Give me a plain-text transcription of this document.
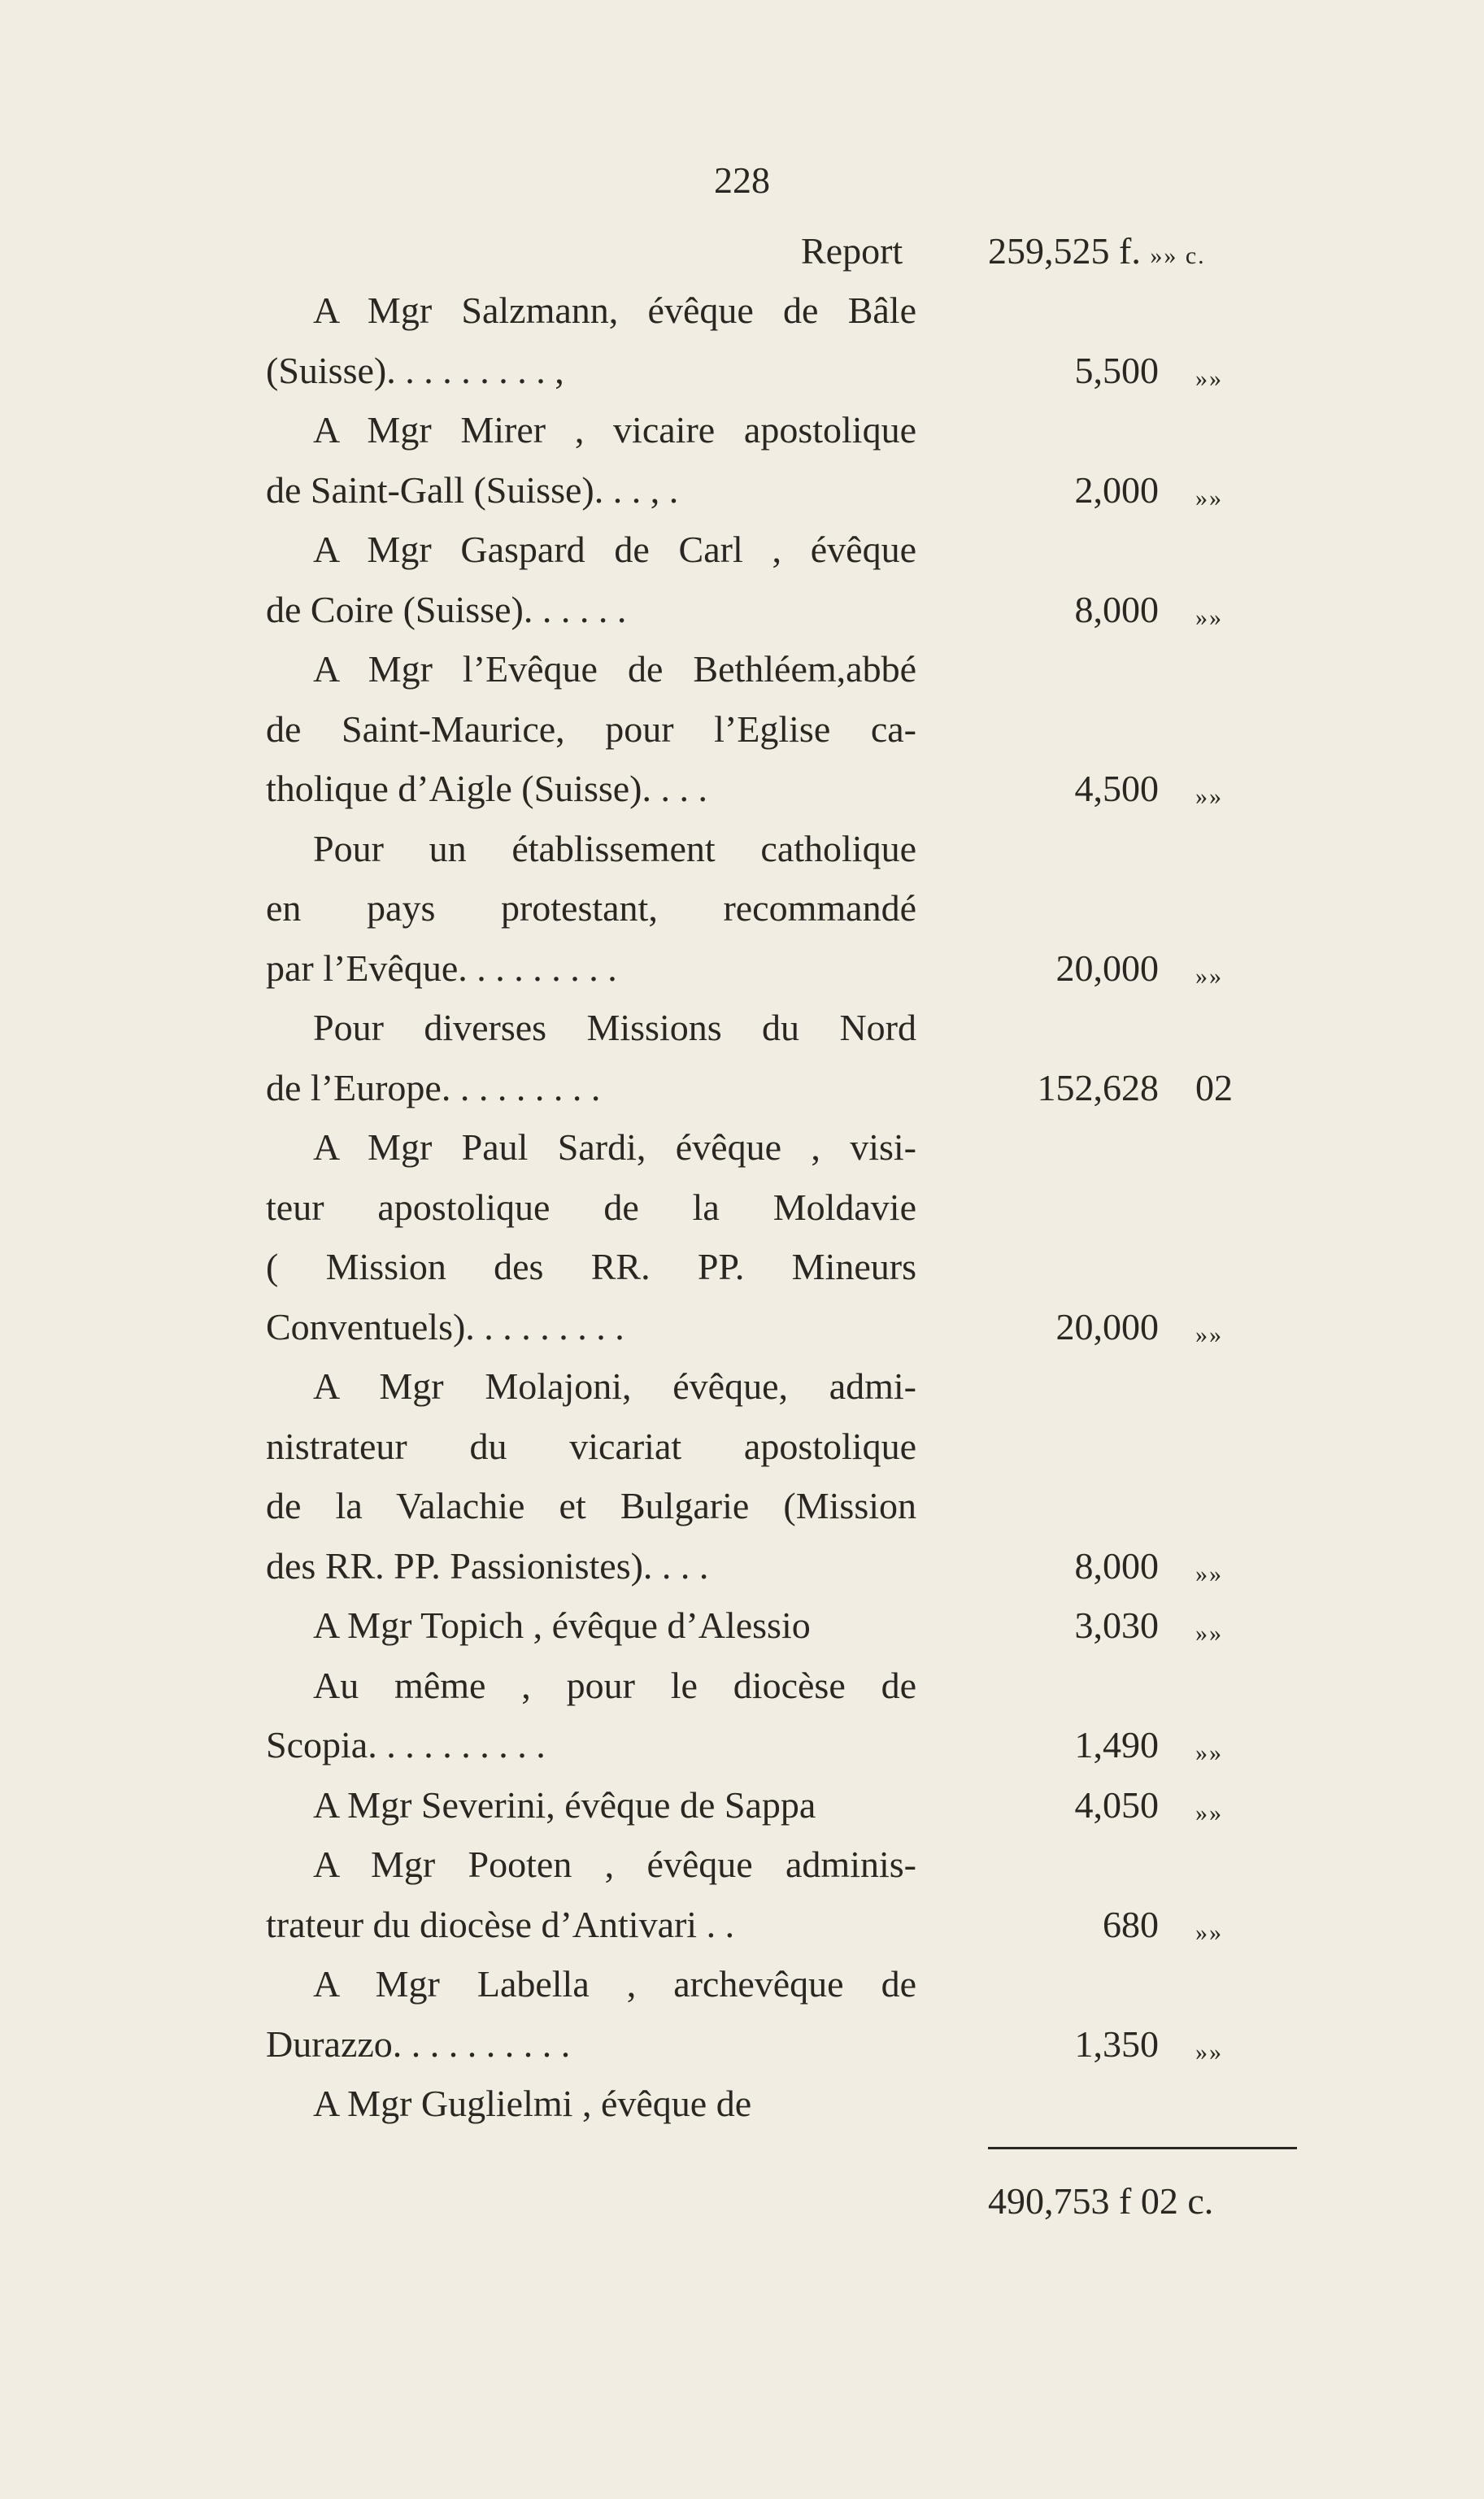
228
Report 259,525 f. »» c.
A Mgr Salzmann, évêque de Bâle
(Suisse). . . . . . . . . ,	5,500 »»
A Mgr Mirer , vicaire apostolique
de Saint-Gall (Suisse). . . , .	2,000 »»
A Mgr Gaspard de Carl , évêque
de Coire (Suisse). . . . . .	8,000 »»
A Mgr l’Evêque de Bethléem,abbé
de Saint-Maurice, pour l’Eglise ca-
tholique d’Aigle (Suisse). . . .	4,500 »»
Pour un établissement catholique
en pays protestant, recommandé
par l’Evêque. . . . . . . . .	20,000 »»
Pour diverses Missions du Nord
de l’Europe. . . . . . . . .	152,628 02
A Mgr Paul Sardi, évêque , visi-
teur apostolique de la Moldavie
( Mission des RR. PP. Mineurs
Conventuels). . . . . . . . .	20,000 »»
A Mgr Molajoni, évêque, admi-
nistrateur du vicariat apostolique
de la Valachie et Bulgarie (Mission
des RR. PP. Passionistes). . . .	8,000 »»
A Mgr Topich , évêque d’Alessio	3,030 »»
Au même , pour le diocèse de
Scopia. . . . . . . . . .	1,490 »»
A Mgr Severini, évêque de Sappa	4,050 »»
A Mgr Pooten , évêque adminis-
trateur du diocèse d’Antivari . .	680 »»
A Mgr Labella , archevêque de
Durazzo. . . . . . . . . .	1,350 »»
A Mgr Guglielmi , évêque de
490,753 f 02 c.
